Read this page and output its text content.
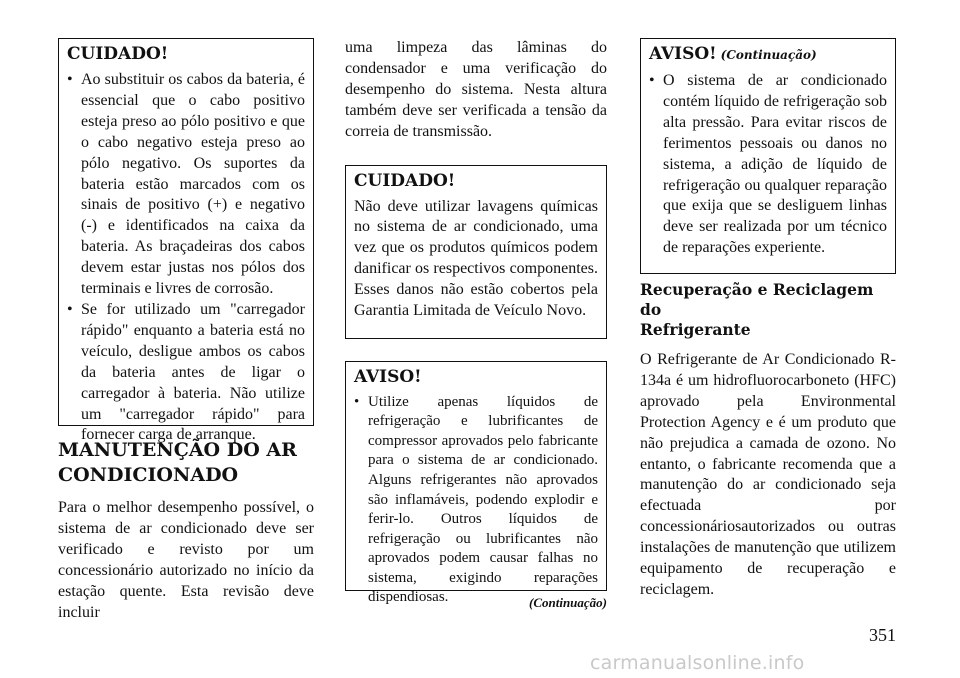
CUIDADO!
• Ao substituir os cabos da bateria, é essencial que o cabo positivo esteja preso ao pólo positivo e que o cabo negativo esteja preso ao pólo negativo. Os suportes da bateria estão marcados com os sinais de positivo (+) e negativo (-) e identificados na caixa da bateria. As braçadeiras dos cabos devem estar justas nos pólos dos terminais e livres de corrosão.
• Se for utilizado um "carregador rápido" enquanto a bateria está no veículo, desligue ambos os cabos da bateria antes de ligar o carregador à bateria. Não utilize um "carregador rápido" para fornecer carga de arranque.
MANUTENÇÃO DO AR
CONDICIONADO

Para o melhor desempenho possível, o sistema de ar condicionado deve ser verificado e revisto por um concessionário autorizado no início da estação quente. Esta revisão deve incluir

uma limpeza das lâminas do condensador e uma verificação do desempenho do sistema. Nesta altura também deve ser verificada a tensão da correia de transmissão.

CUIDADO!

Não deve utilizar lavagens químicas no sistema de ar condicionado, uma vez que os produtos químicos podem danificar os respectivos componentes. Esses danos não estão cobertos pela Garantia Limitada de Veículo Novo.

AVISO!
• Utilize apenas líquidos de refrigeração e lubrificantes de compressor aprovados pelo fabricante para o sistema de ar condicionado. Alguns refrigerantes não aprovados são inflamáveis, podendo explodir e ferir-lo. Outros líquidos de refrigeração ou lubrificantes não aprovados podem causar falhas no sistema, exigindo reparações dispendiosas.	(Continuação)
AVISO! (Continuação)
• O sistema de ar condicionado contém líquido de refrigeração sob alta pressão. Para evitar riscos de ferimentos pessoais ou danos no sistema, a adição de líquido de refrigeração ou qualquer reparação que exija que se desliguem linhas deve ser realizada por um técnico de reparações experiente.
Recuperação e Reciclagem do
Refrigerante

O Refrigerante de Ar Condicionado R-134a é um hidrofluorocarboneto (HFC) aprovado pela Environmental Protection Agency e é um produto que não prejudica a camada de ozono. No entanto, o fabricante recomenda que a manutenção do ar condicionado seja efectuada por concessionáriosautorizados ou outras instalações de manutenção que utilizem equipamento de recuperação e reciclagem.

351
carmanualsonline.info
